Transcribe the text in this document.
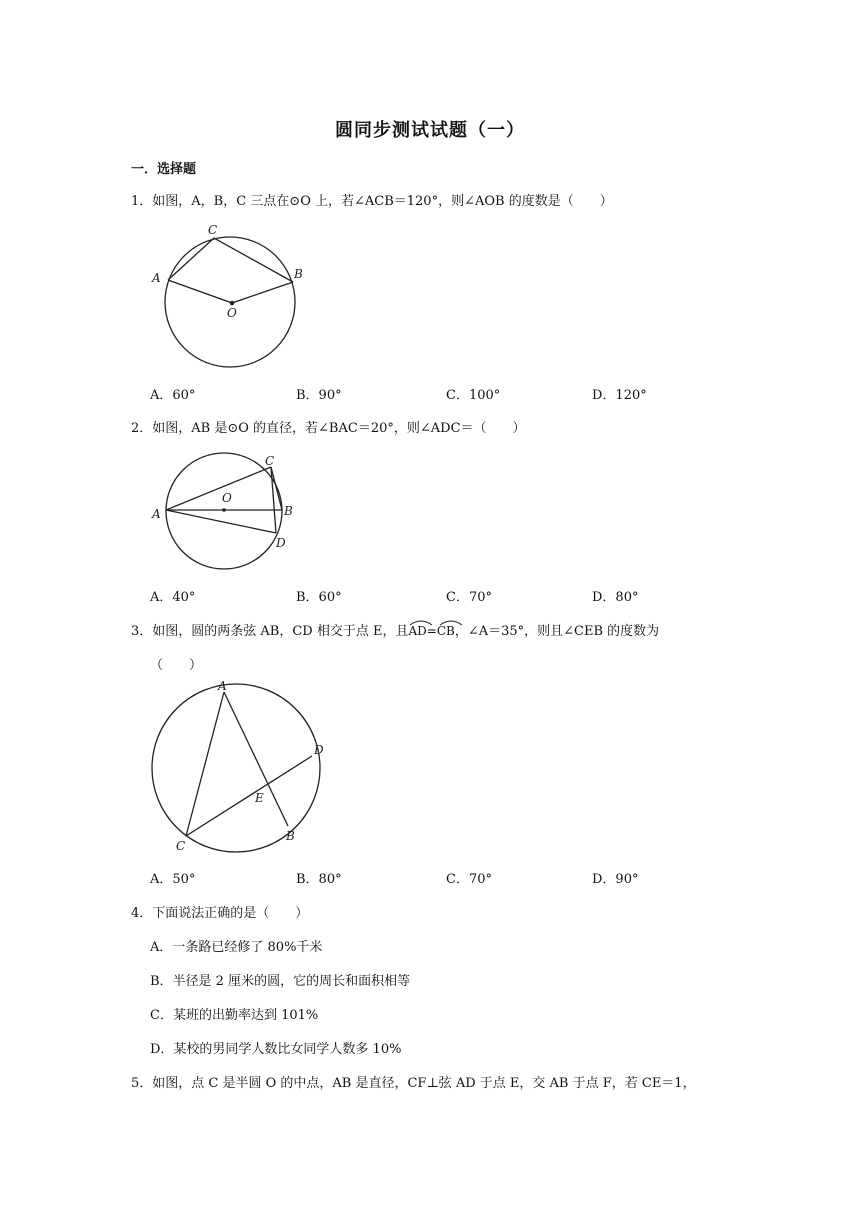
圆同步测试试题（一）
一．选择题
1．如图，A，B，C 三点在⊙O 上，若∠ACB＝120°，则∠AOB 的度数是（　　）
A
C
B
O
A．60°	B．90°	C．100°	D．120°
2．如图，AB 是⊙O 的直径，若∠BAC＝20°，则∠ADC＝（　　）
A
C
O
B
D
A．40°	B．60°	C．70°	D．80°
3．如图，圆的两条弦 AB，CD 相交于点 E，且
AD=CB，∠A＝35°，则且∠CEB 的度数为
（　　）
A
D
E
B
C
A．50°	B．80°	C．70°	D．90°
4．下面说法正确的是（　　）
A．一条路已经修了 80%千米
B．半径是 2 厘米的圆，它的周长和面积相等
C．某班的出勤率达到 101%
D．某校的男同学人数比女同学人数多 10%
5．如图，点 C 是半圆 O 的中点，AB 是直径，CF⊥弦 AD 于点 E，交 AB 于点 F，若 CE＝1，
